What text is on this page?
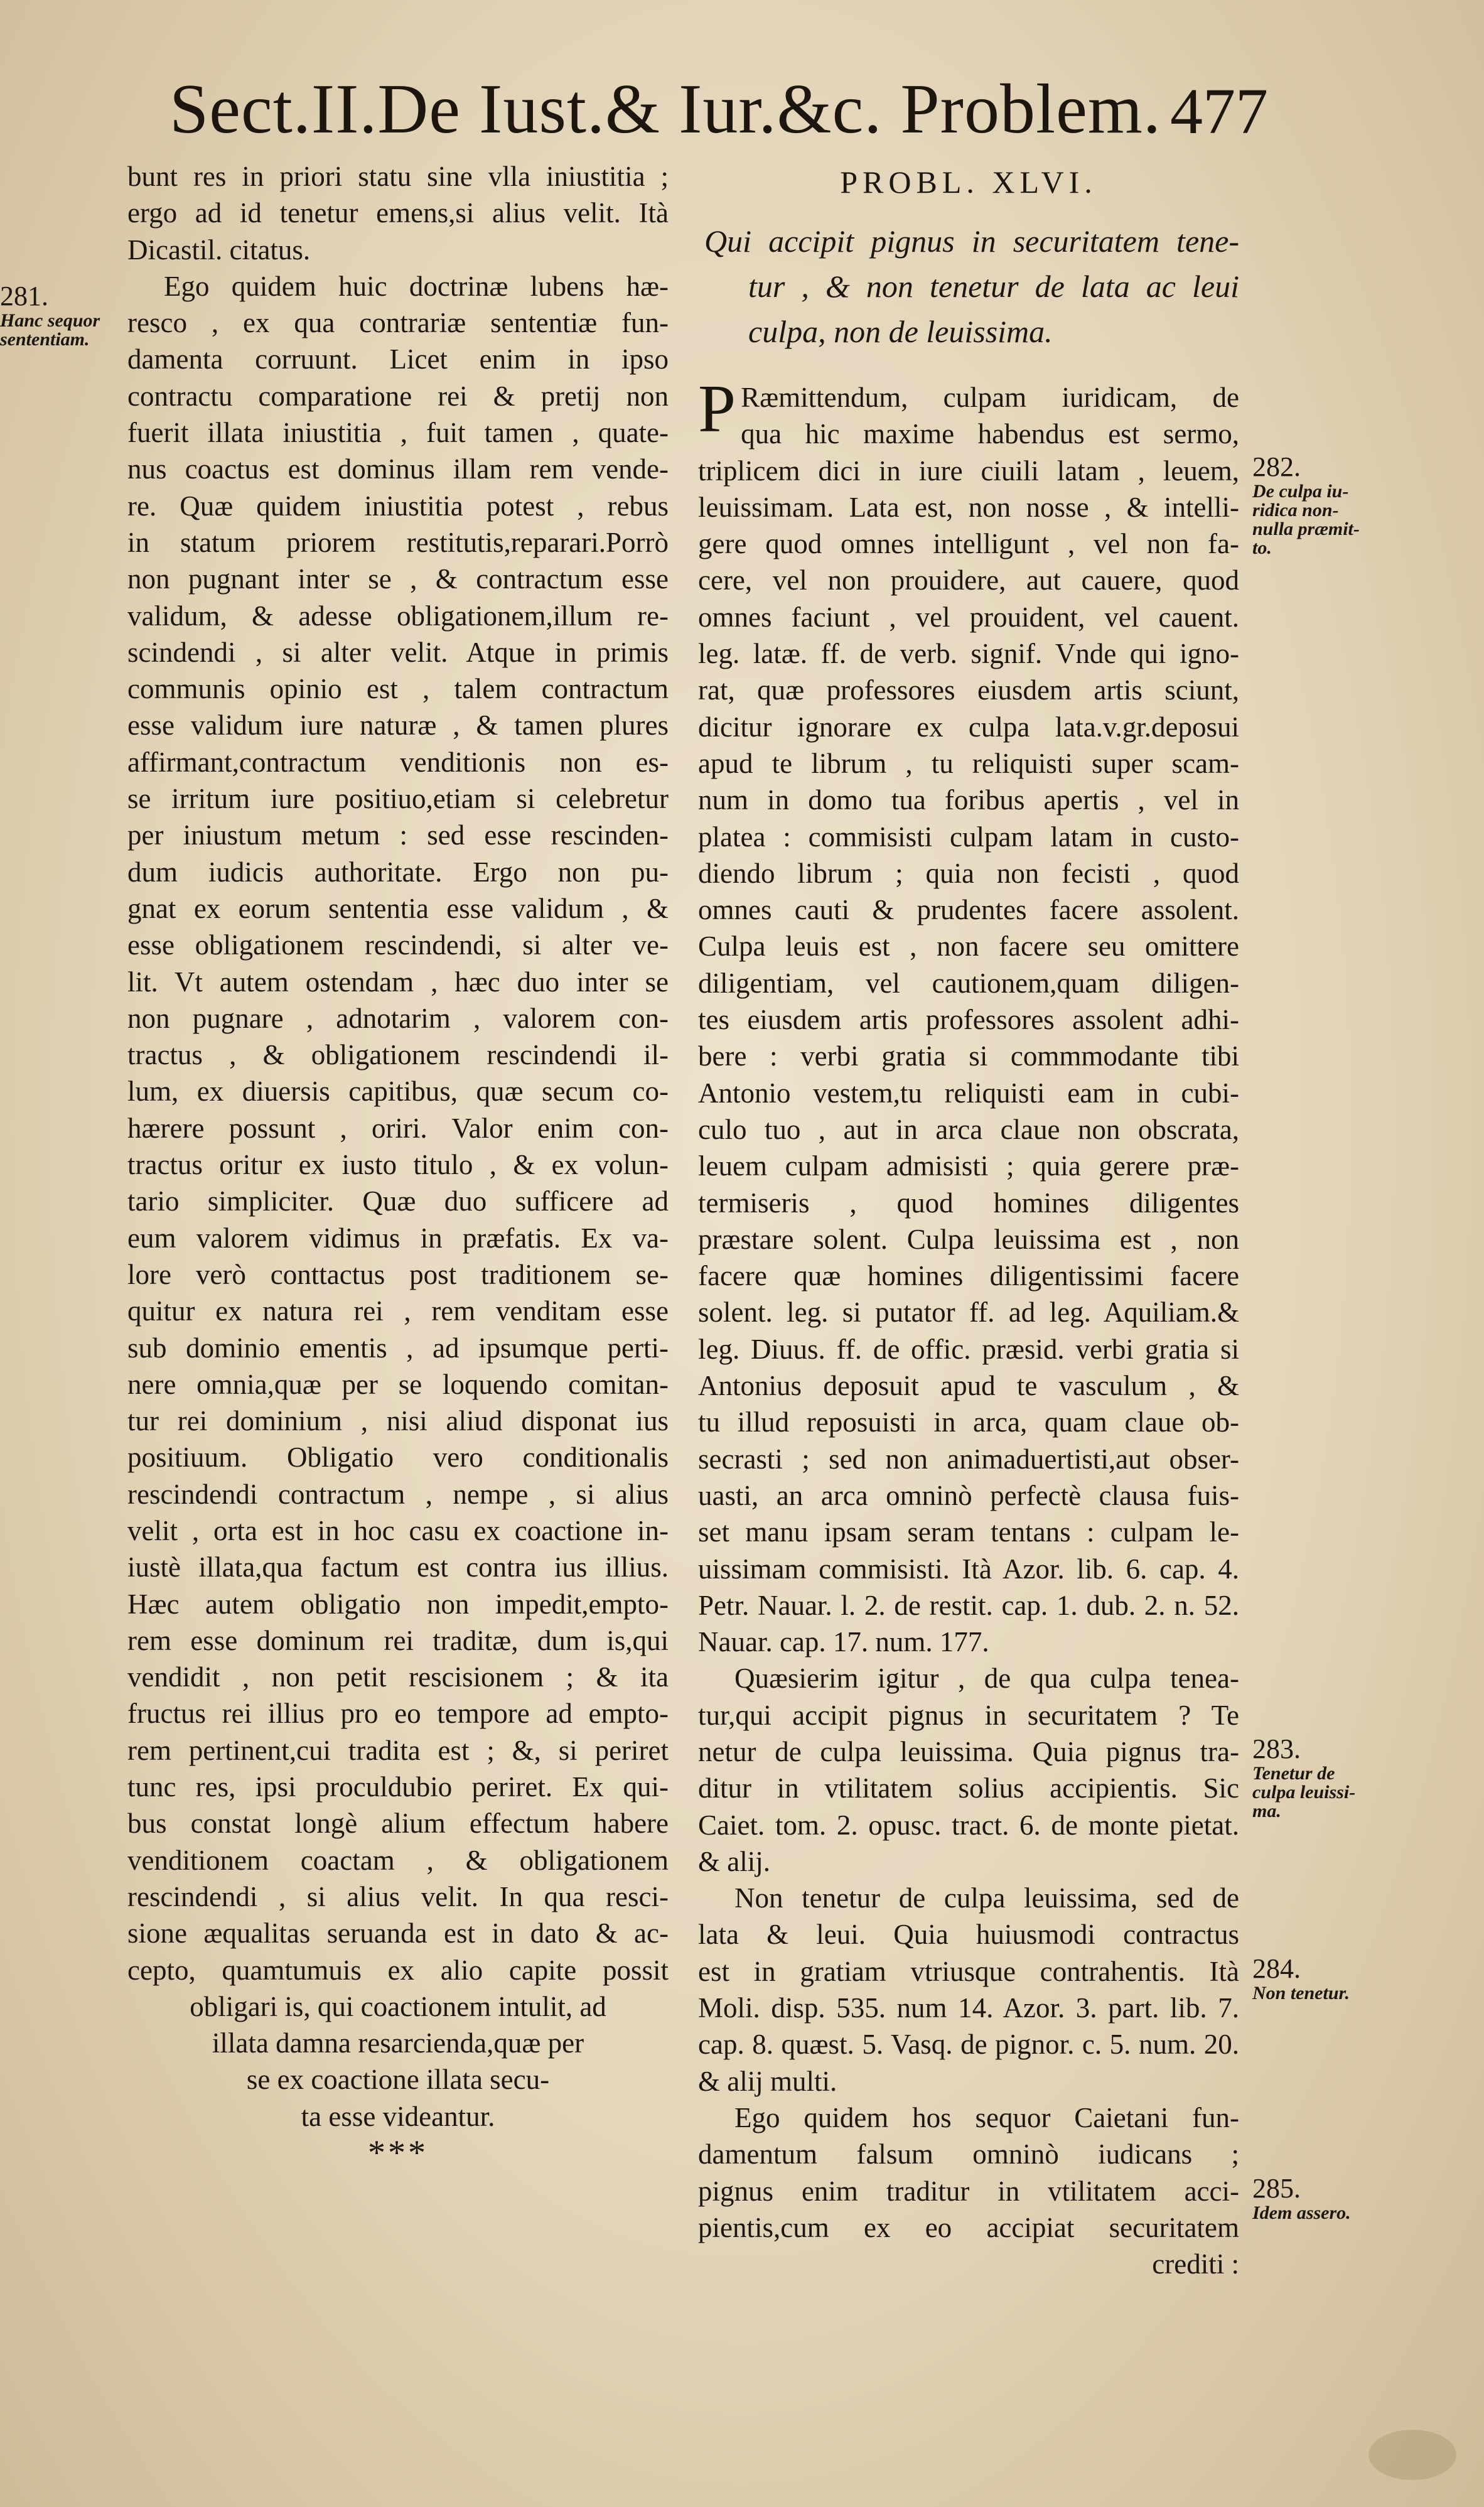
Sect.II.De Iust.& Iur.&c. Problem. 477
281.
Hanc sequor
sententiam.
282.
De culpa iu-
ridica non-
nulla præmit-
to.
283.
Tenetur de
culpa leuissi-
ma.
284.
Non tenetur.
285.
Idem assero.
bunt res in priori statu sine vlla iniustitia ;
ergo ad id tenetur emens,si alius velit. Ità
Dicastil. citatus.
Ego quidem huic doctrinæ lubens hæ-
resco , ex qua contrariæ sententiæ fun-
damenta corruunt. Licet enim in ipso
contractu comparatione rei & pretij non
fuerit illata iniustitia , fuit tamen , quate-
nus coactus est dominus illam rem vende-
re. Quæ quidem iniustitia potest , rebus
in statum priorem restitutis,reparari.Porrò
non pugnant inter se , & contractum esse
validum, & adesse obligationem,illum re-
scindendi , si alter velit. Atque in primis
communis opinio est , talem contractum
esse validum iure naturæ , & tamen plures
affirmant,contractum venditionis non es-
se irritum iure positiuo,etiam si celebretur
per iniustum metum : sed esse rescinden-
dum iudicis authoritate. Ergo non pu-
gnat ex eorum sententia esse validum , &
esse obligationem rescindendi, si alter ve-
lit. Vt autem ostendam , hæc duo inter se
non pugnare , adnotarim , valorem con-
tractus , & obligationem rescindendi il-
lum, ex diuersis capitibus, quæ secum co-
hærere possunt , oriri. Valor enim con-
tractus oritur ex iusto titulo , & ex volun-
tario simpliciter. Quæ duo sufficere ad
eum valorem vidimus in præfatis. Ex va-
lore verò conttactus post traditionem se-
quitur ex natura rei , rem venditam esse
sub dominio ementis , ad ipsumque perti-
nere omnia,quæ per se loquendo comitan-
tur rei dominium , nisi aliud disponat ius
positiuum. Obligatio vero conditionalis
rescindendi contractum , nempe , si alius
velit , orta est in hoc casu ex coactione in-
iustè illata,qua factum est contra ius illius.
Hæc autem obligatio non impedit,empto-
rem esse dominum rei traditæ, dum is,qui
vendidit , non petit rescisionem ; & ita
fructus rei illius pro eo tempore ad empto-
rem pertinent,cui tradita est ; &, si periret
tunc res, ipsi proculdubio periret. Ex qui-
bus constat longè alium effectum habere
venditionem coactam , & obligationem
rescindendi , si alius velit. In qua resci-
sione æqualitas seruanda est in dato & ac-
cepto, quamtumuis ex alio capite possit
obligari is, qui coactionem intulit, ad
illata damna resarcienda,quæ per
se ex coactione illata secu-
ta esse videantur.
***
PROBL. XLVI.
Qui accipit pignus in securitatem tene-
tur , & non tenetur de lata ac leui
culpa, non de leuissima.
P Ræmittendum, culpam iuridicam, de
qua hic maxime habendus est sermo,
triplicem dici in iure ciuili latam , leuem,
leuissimam. Lata est, non nosse , & intelli-
gere quod omnes intelligunt , vel non fa-
cere, vel non prouidere, aut cauere, quod
omnes faciunt , vel prouident, vel cauent.
leg. latæ. ff. de verb. signif. Vnde qui igno-
rat, quæ professores eiusdem artis sciunt,
dicitur ignorare ex culpa lata.v.gr.deposui
apud te librum , tu reliquisti super scam-
num in domo tua foribus apertis , vel in
platea : commisisti culpam latam in custo-
diendo librum ; quia non fecisti , quod
omnes cauti & prudentes facere assolent.
Culpa leuis est , non facere seu omittere
diligentiam, vel cautionem,quam diligen-
tes eiusdem artis professores assolent adhi-
bere : verbi gratia si commmodante tibi
Antonio vestem,tu reliquisti eam in cubi-
culo tuo , aut in arca claue non obscrata,
leuem culpam admisisti ; quia gerere præ-
termiseris , quod homines diligentes
præstare solent. Culpa leuissima est , non
facere quæ homines diligentissimi facere
solent. leg. si putator ff. ad leg. Aquiliam.&
leg. Diuus. ff. de offic. præsid. verbi gratia si
Antonius deposuit apud te vasculum , &
tu illud reposuisti in arca, quam claue ob-
secrasti ; sed non animaduertisti,aut obser-
uasti, an arca omninò perfectè clausa fuis-
set manu ipsam seram tentans : culpam le-
uissimam commisisti. Ità Azor. lib. 6. cap. 4.
Petr. Nauar. l. 2. de restit. cap. 1. dub. 2. n. 52.
Nauar. cap. 17. num. 177.
Quæsierim igitur , de qua culpa tenea-
tur,qui accipit pignus in securitatem ? Te
netur de culpa leuissima. Quia pignus tra-
ditur in vtilitatem solius accipientis. Sic
Caiet. tom. 2. opusc. tract. 6. de monte pietat.
& alij.
Non tenetur de culpa leuissima, sed de
lata & leui. Quia huiusmodi contractus
est in gratiam vtriusque contrahentis. Ità
Moli. disp. 535. num 14. Azor. 3. part. lib. 7.
cap. 8. quæst. 5. Vasq. de pignor. c. 5. num. 20.
& alij multi.
Ego quidem hos sequor Caietani fun-
damentum falsum omninò iudicans ;
pignus enim traditur in vtilitatem acci-
pientis,cum ex eo accipiat securitatem
crediti :
